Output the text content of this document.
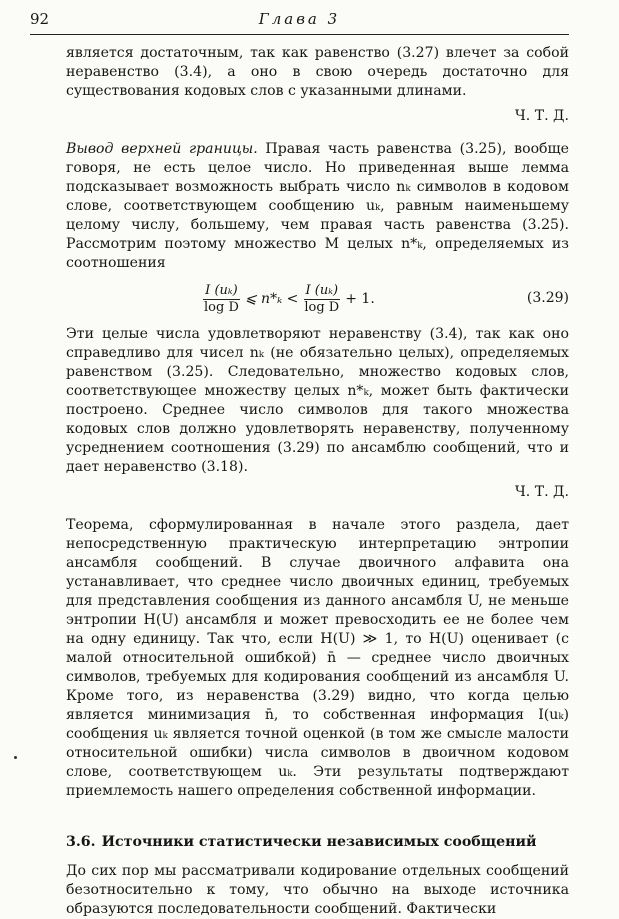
92	Глава 3

является достаточным, так как равенство (3.27) влечет за собой неравенство (3.4), а оно в свою очередь достаточно для существования кодовых слов с указанными длинами.

Ч. Т. Д.

Вывод верхней границы. Правая часть равенства (3.25), вообще говоря, не есть целое число. Но приведенная выше лемма подсказывает возможность выбрать число nₖ символов в кодовом слове, соответствующем сообщению uₖ, равным наименьшему целому числу, большему, чем правая часть равенства (3.25). Рассмотрим поэтому множество M целых n*ₖ, определяемых из соотношения

$\frac{\text{I (uₖ)}}{\text{log D}}$ ⩽ $n*_k < \frac{\text{I (uₖ)}}{\text{log D}} + 1$.	(3.29)

Эти целые числа удовлетворяют неравенству (3.4), так как оно справедливо для чисел nₖ (не обязательно целых), определяемых равенством (3.25). Следовательно, множество кодовых слов, соответствующее множеству целых n*ₖ, может быть фактически построено. Среднее число символов для такого множества кодовых слов должно удовлетворять неравенству, полученному усреднением соотношения (3.29) по ансамблю сообщений, что и дает неравенство (3.18).

Ч. Т. Д.

Теорема, сформулированная в начале этого раздела, дает непосредственную практическую интерпретацию энтропии ансамбля сообщений. В случае двоичного алфавита она устанавливает, что среднее число двоичных единиц, требуемых для представления сообщения из данного ансамбля U, не меньше энтропии H(U) ансамбля и может превосходить ее не более чем на одну единицу. Так что, если H(U) ≫ 1, то H(U) оценивает (с малой относительной ошибкой) n̄ — среднее число двоичных символов, требуемых для кодирования сообщений из ансамбля U. Кроме того, из неравенства (3.29) видно, что когда целью является минимизация n̄, то собственная информация I(uₖ) сообщения uₖ является точной оценкой (в том же смысле малости относительной ошибки) числа символов в двоичном кодовом слове, соответствующем uₖ. Эти результаты подтверждают приемлемость нашего определения собственной информации.

3.6. Источники статистически независимых сообщений

До сих пор мы рассматривали кодирование отдельных сообщений безотносительно к тому, что обычно на выходе источника образуются последовательности сообщений. Фактически
